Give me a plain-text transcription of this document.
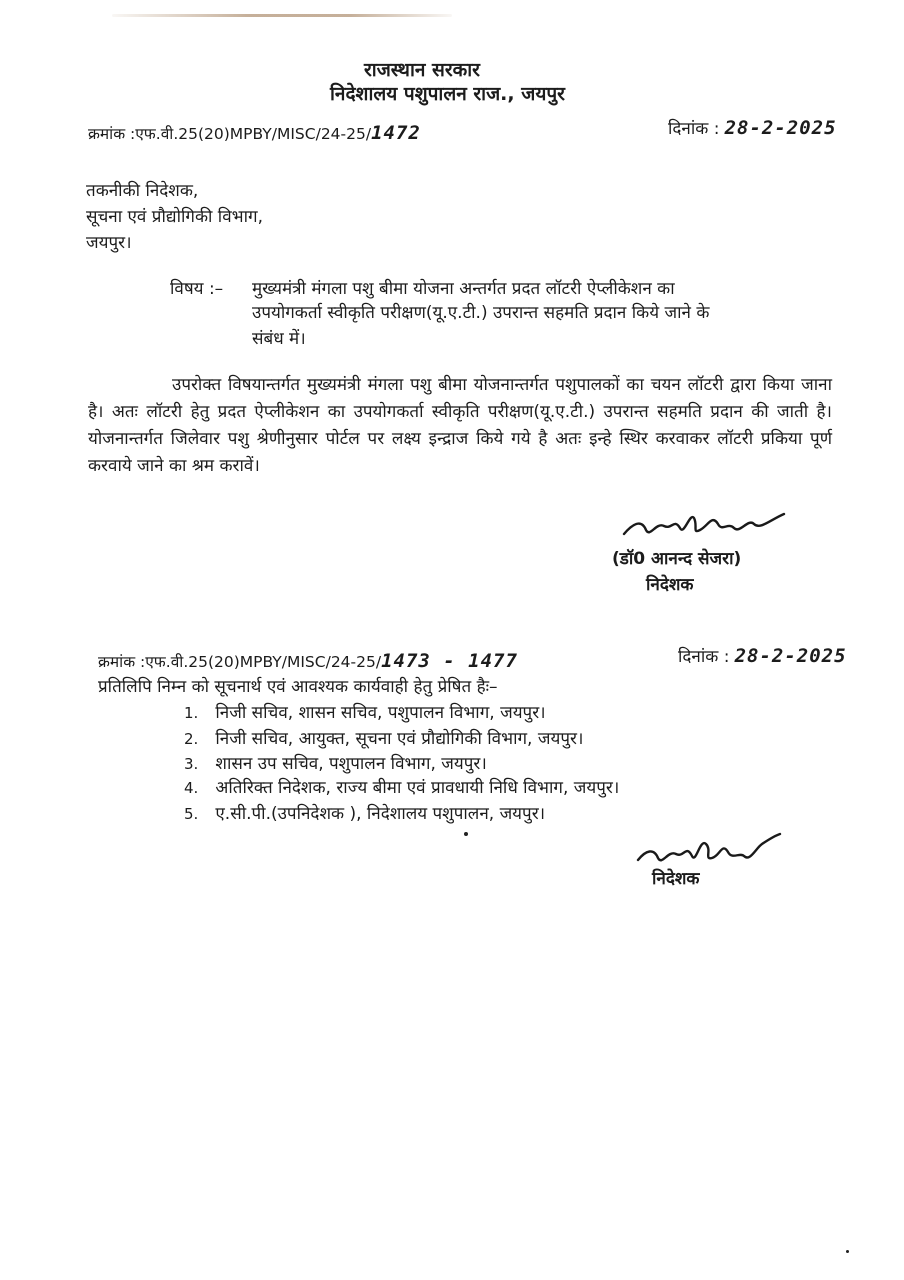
राजस्थान सरकार
निदेशालय पशुपालन राज., जयपुर
क्रमांक :एफ.वी.25(20)MPBY/MISC/24-25/1472	दिनांक : 28-2-2025
तकनीकी निदेशक,
सूचना एवं प्रौद्योगिकी विभाग,
जयपुर।
विषय :– मुख्यमंत्री मंगला पशु बीमा योजना अन्तर्गत प्रदत लॉटरी ऐप्लीकेशन का
उपयोगकर्ता स्वीकृति परीक्षण(यू.ए.टी.) उपरान्त सहमति प्रदान किये जाने के
संबंध में।
उपरोक्त विषयान्तर्गत मुख्यमंत्री मंगला पशु बीमा योजनान्तर्गत पशुपालकों का चयन लॉटरी द्वारा किया जाना है। अतः लॉटरी हेतु प्रदत ऐप्लीकेशन का उपयोगकर्ता स्वीकृति परीक्षण(यू.ए.टी.) उपरान्त सहमति प्रदान की जाती है। योजनान्तर्गत जिलेवार पशु श्रेणीनुसार पोर्टल पर लक्ष्य इन्द्राज किये गये है अतः इन्हे स्थिर करवाकर लॉटरी प्रकिया पूर्ण करवाये जाने का श्रम करावें।
(डॉ0 आनन्द सेजरा)
निदेशक
क्रमांक :एफ.वी.25(20)MPBY/MISC/24-25/1473 - 1477	दिनांक : 28-2-2025
प्रतिलिपि निम्न को सूचनार्थ एवं आवश्यक कार्यवाही हेतु प्रेषित हैः–
1. निजी सचिव, शासन सचिव, पशुपालन विभाग, जयपुर।
2. निजी सचिव, आयुक्त, सूचना एवं प्रौद्योगिकी विभाग, जयपुर।
3. शासन उप सचिव, पशुपालन विभाग, जयपुर।
4. अतिरिक्त निदेशक, राज्य बीमा एवं प्रावधायी निधि विभाग, जयपुर।
5. ए.सी.पी.(उपनिदेशक ), निदेशालय पशुपालन, जयपुर।
निदेशक
